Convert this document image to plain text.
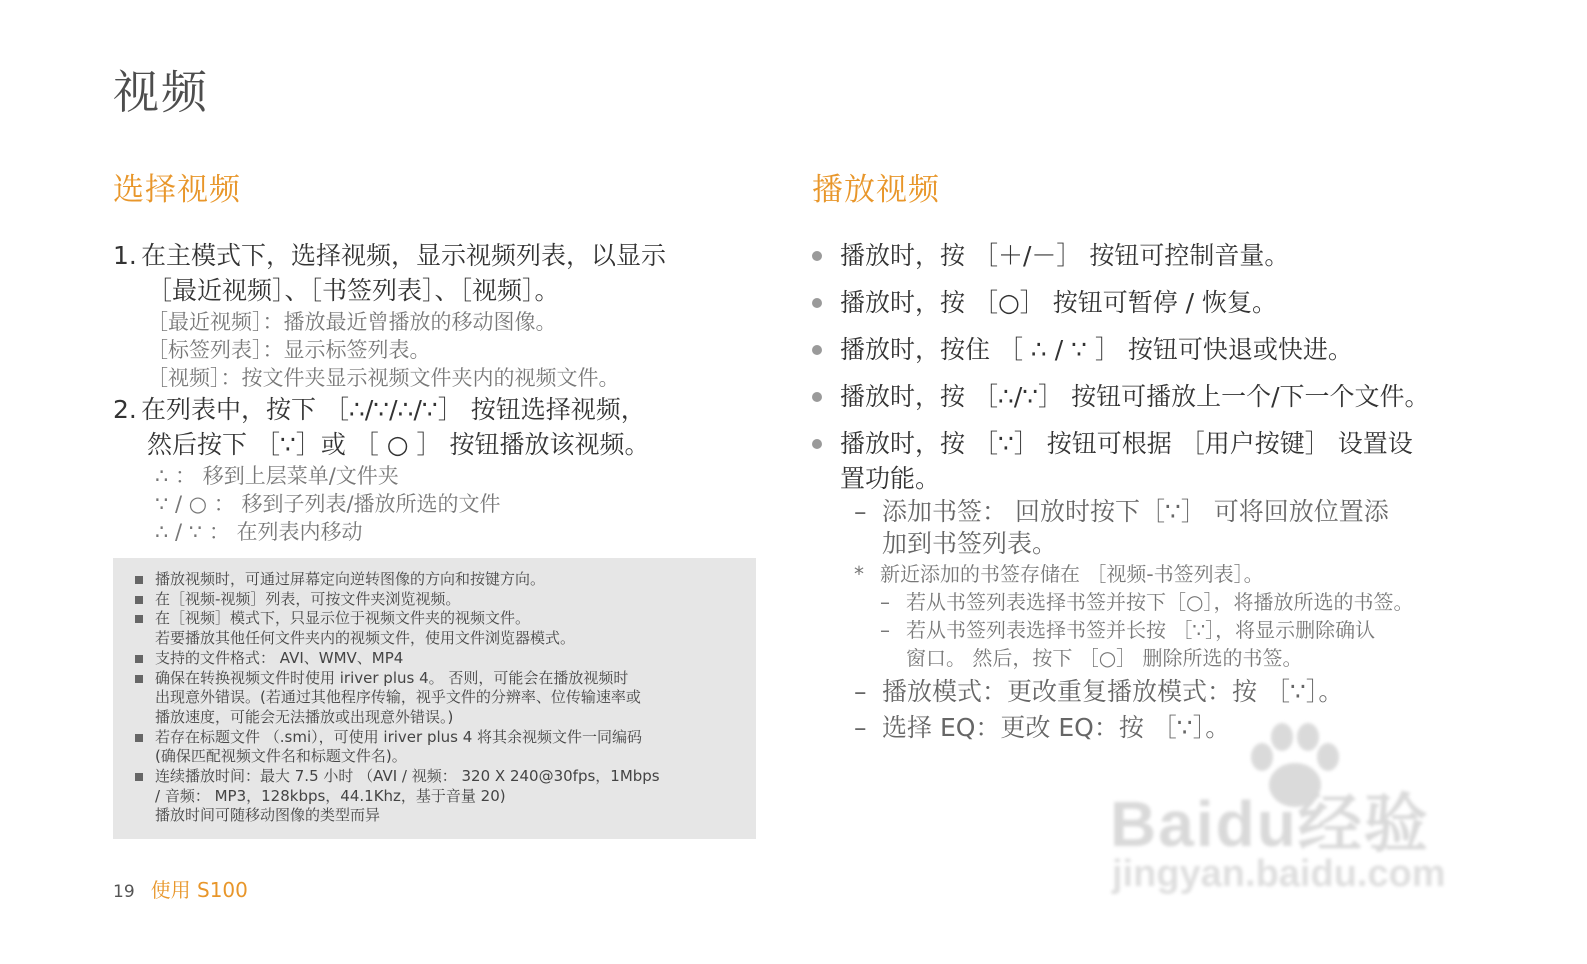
视频
选择视频	播放视频
1. 在主模式下，选择视频，显示视频列表，以显示
［最近视频］、［书签列表］、［视频］。
［最近视频］：播放最近曾播放的移动图像。
［标签列表］：显示标签列表。
［视频］：按文件夹显示视频文件夹内的视频文件。
2. 在列表中，按下 ［∴/∵/∴/∵］ 按钮选择视频，
然后按下 ［∵］或 ［ ○ ］ 按钮播放该视频。
∴ ： 移到上层菜单/文件夹
∵ / ○ ： 移到子列表/播放所选的文件
∴ / ∵ ： 在列表内移动
播放视频时，可通过屏幕定向逆转图像的方向和按键方向。
在［视频-视频］列表，可按文件夹浏览视频。
在［视频］模式下，只显示位于视频文件夹的视频文件。
若要播放其他任何文件夹内的视频文件，使用文件浏览器模式。
支持的文件格式： AVI、WMV、MP4
确保在转换视频文件时使用 iriver plus 4。 否则，可能会在播放视频时
出现意外错误。(若通过其他程序传输，视乎文件的分辨率、位传输速率或
播放速度，可能会无法播放或出现意外错误。)
若存在标题文件 （.smi），可使用 iriver plus 4 将其余视频文件一同编码
(确保匹配视频文件名和标题文件名)。
连续播放时间：最大 7.5 小时 （AVI / 视频： 320 X 240@30fps，1Mbps
/ 音频： MP3，128kbps，44.1Khz，基于音量 20)
播放时间可随移动图像的类型而异
播放时，按 ［＋/－］ 按钮可控制音量。
播放时，按 ［○］ 按钮可暂停 / 恢复。
播放时，按住 ［ ∴ / ∵ ］ 按钮可快退或快进。
播放时，按 ［∴/∵］ 按钮可播放上一个/下一个文件。
播放时，按 ［∵］ 按钮可根据 ［用户按键］ 设置设
置功能。
– 添加书签： 回放时按下［∵］ 可将回放位置添
加到书签列表。
* 新近添加的书签存储在 ［视频-书签列表］。
– 若从书签列表选择书签并按下［○］，将播放所选的书签。
– 若从书签列表选择书签并长按 ［∵］，将显示删除确认
窗口。 然后，按下 ［○］ 删除所选的书签。
– 播放模式：更改重复播放模式：按 ［∵］。
– 选择 EQ：更改 EQ：按 ［∵］。
19 使用 S100
Baidu经验
jingyan.baidu.com
